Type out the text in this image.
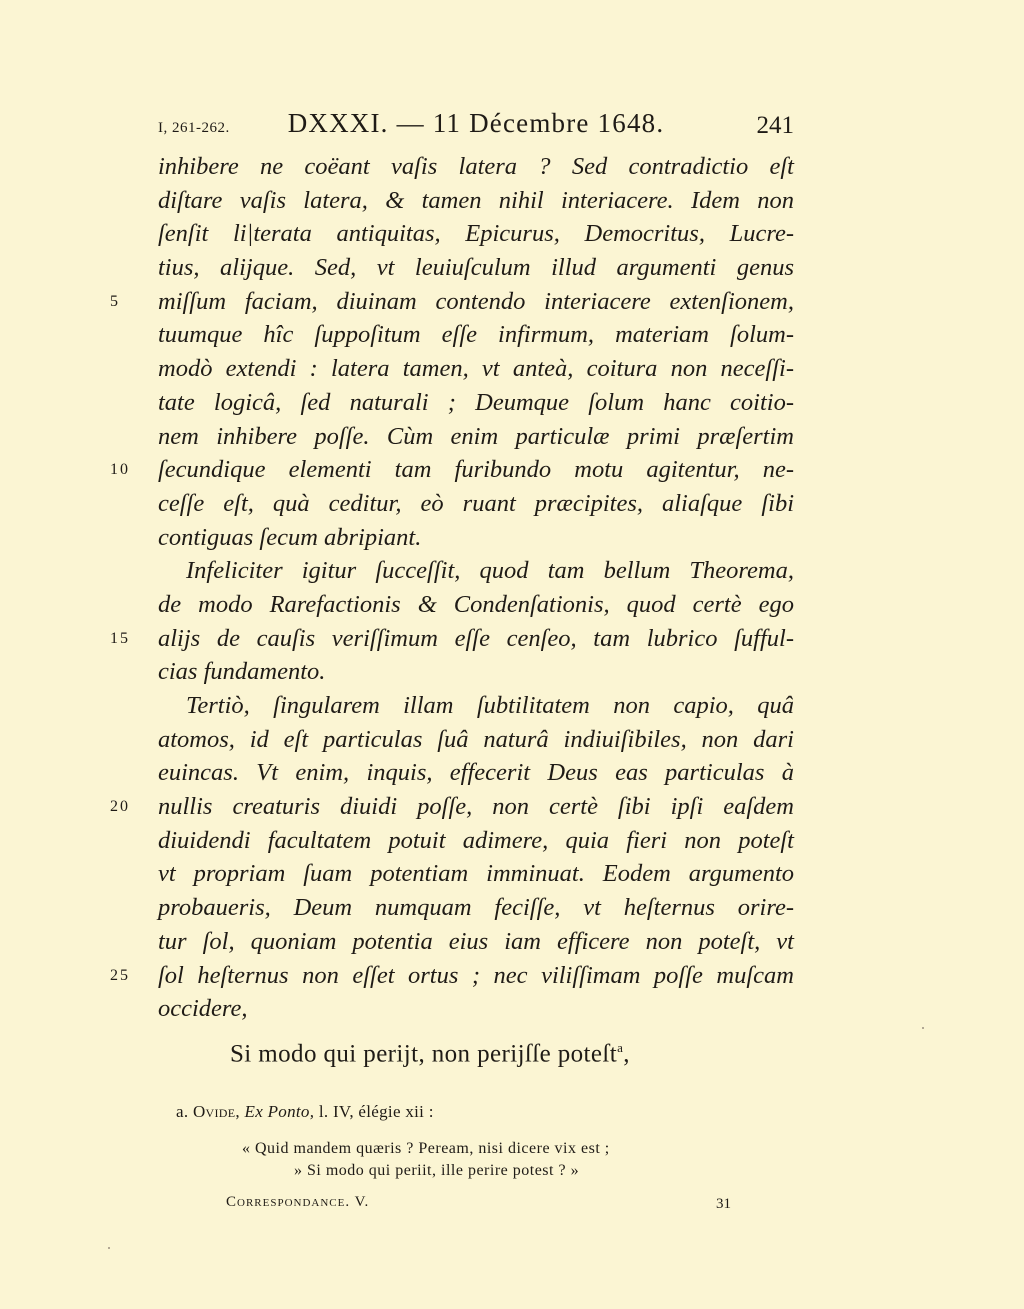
I, 261-262.	DXXXI. — 11 Décembre 1648.	241
inhibere ne coëant vaſis latera ? Sed contradictio eſt
diſtare vaſis latera, & tamen nihil interiacere. Idem non
ſenſit li|terata antiquitas, Epicurus, Democritus, Lucre-
tius, alijque. Sed, vt leuiuſculum illud argumenti genus
5	miſſum faciam, diuinam contendo interiacere extenſionem,
tuumque hîc ſuppoſitum eſſe infirmum, materiam ſolum-
modò extendi : latera tamen, vt anteà, coitura non neceſſi-
tate logicâ, ſed naturali ; Deumque ſolum hanc coitio-
nem inhibere poſſe. Cùm enim particulæ primi præſertim
10 ſecundique elementi tam furibundo motu agitentur, ne-
ceſſe eſt, quà ceditur, eò ruant præcipites, aliaſque ſibi
contiguas ſecum abripiant.
Infeliciter igitur ſucceſſit, quod tam bellum Theorema,
de modo Rarefactionis & Condenſationis, quod certè ego
15 alijs de cauſis veriſſimum eſſe cenſeo, tam lubrico ſufful-
cias fundamento.
Tertiò, ſingularem illam ſubtilitatem non capio, quâ
atomos, id eſt particulas ſuâ naturâ indiuiſibiles, non dari
euincas. Vt enim, inquis, effecerit Deus eas particulas à
20 nullis creaturis diuidi poſſe, non certè ſibi ipſi eaſdem
diuidendi facultatem potuit adimere, quia fieri non poteſt
vt propriam ſuam potentiam imminuat. Eodem argumento
probaueris, Deum numquam feciſſe, vt heſternus orire-
tur ſol, quoniam potentia eius iam efficere non poteſt, vt
25 ſol heſternus non eſſet ortus ; nec viliſſimam poſſe muſcam
occidere,
Si modo qui perijt, non perijſſe poteſt$^a$,
a. Ovide, Ex Ponto, l. IV, élégie xii :
« Quid mandem quæris ? Peream, nisi dicere vix est ;
» Si modo qui periit, ille perire potest ? »
Correspondance. V.	31
